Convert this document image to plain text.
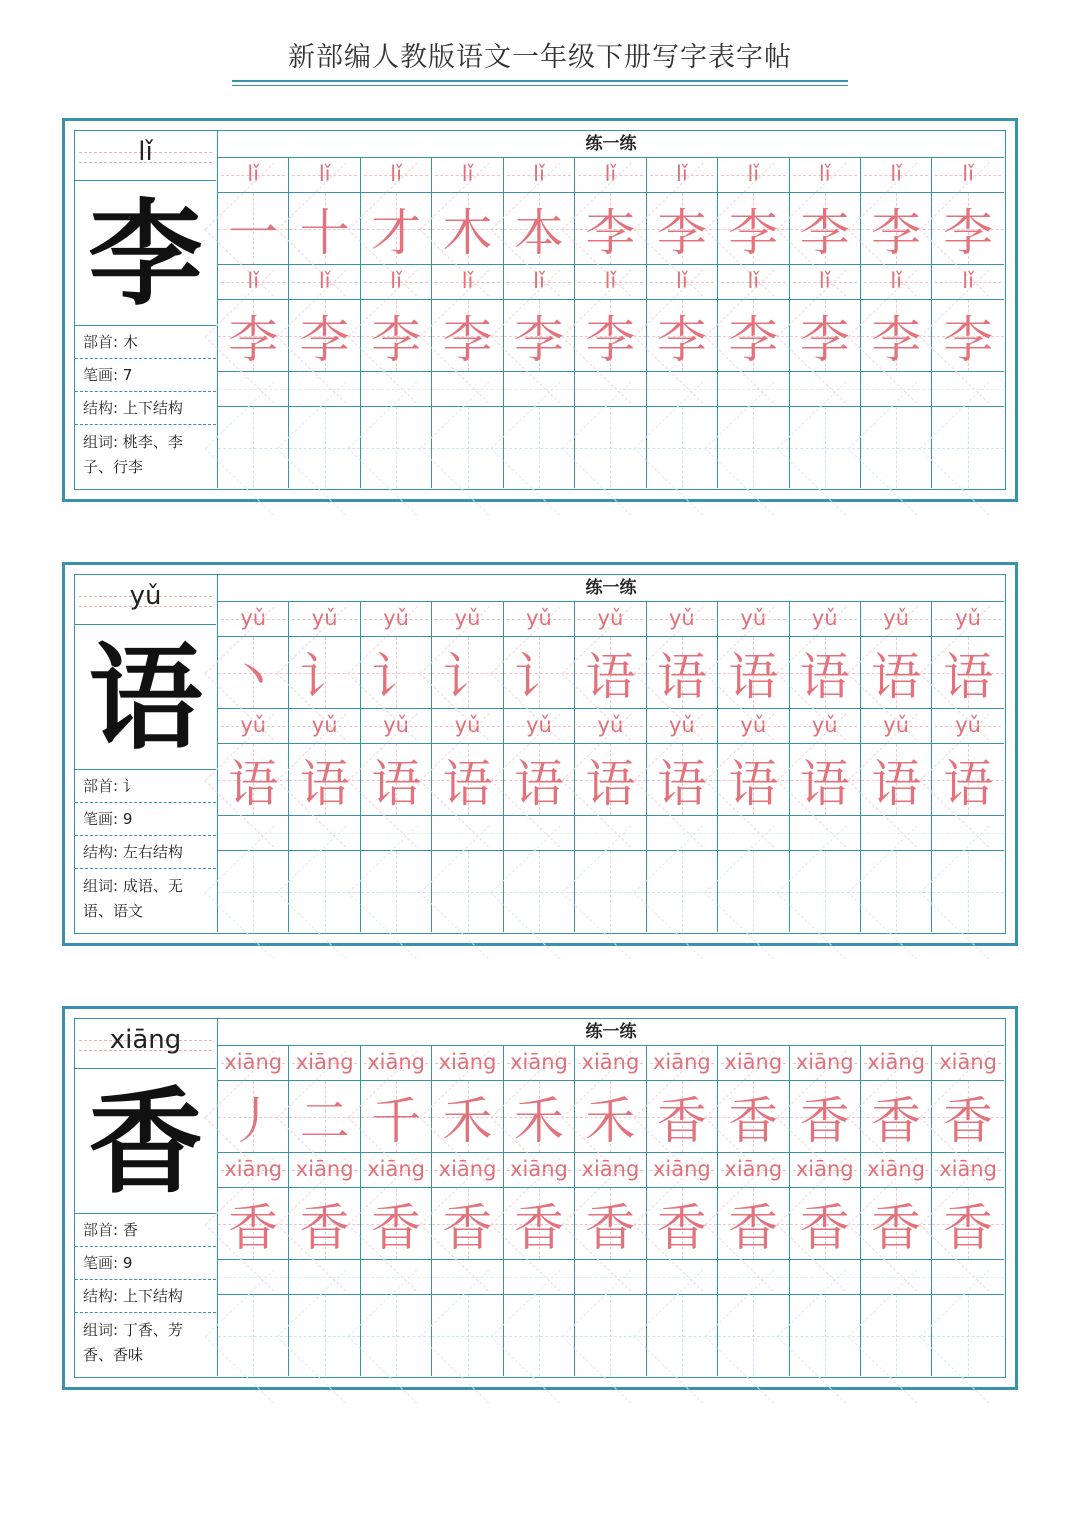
新部编人教版语文一年级下册写字表字帖
lǐ
李
部首: 木
笔画: 7
结构: 上下结构
组词: 桃李、李子、行李
练一练
lǐ	lǐ	lǐ	lǐ	lǐ	lǐ	lǐ	lǐ	lǐ	lǐ	lǐ
一 十 才 木 本 李 李 李 李 李 李
lǐ	lǐ	lǐ	lǐ	lǐ	lǐ	lǐ	lǐ	lǐ	lǐ	lǐ
李 李 李 李 李 李 李 李 李 李 李
yǔ
语
部首: 讠
笔画: 9
结构: 左右结构
组词: 成语、无语、语文
练一练
yǔ	yǔ	yǔ	yǔ	yǔ	yǔ	yǔ	yǔ	yǔ	yǔ	yǔ
丶 讠 讠 讠 讠 语 语 语 语 语 语
yǔ	yǔ	yǔ	yǔ	yǔ	yǔ	yǔ	yǔ	yǔ	yǔ	yǔ
语 语 语 语 语 语 语 语 语 语 语
xiāng
香
部首: 香
笔画: 9
结构: 上下结构
组词: 丁香、芳香、香味
练一练
xiāng xiāng xiāng xiāng xiāng xiāng xiāng xiāng xiāng xiāng xiāng
丿 二 千 禾 禾 禾 香 香 香 香 香
xiāng xiāng xiāng xiāng xiāng xiāng xiāng xiāng xiāng xiāng xiāng
香 香 香 香 香 香 香 香 香 香 香
